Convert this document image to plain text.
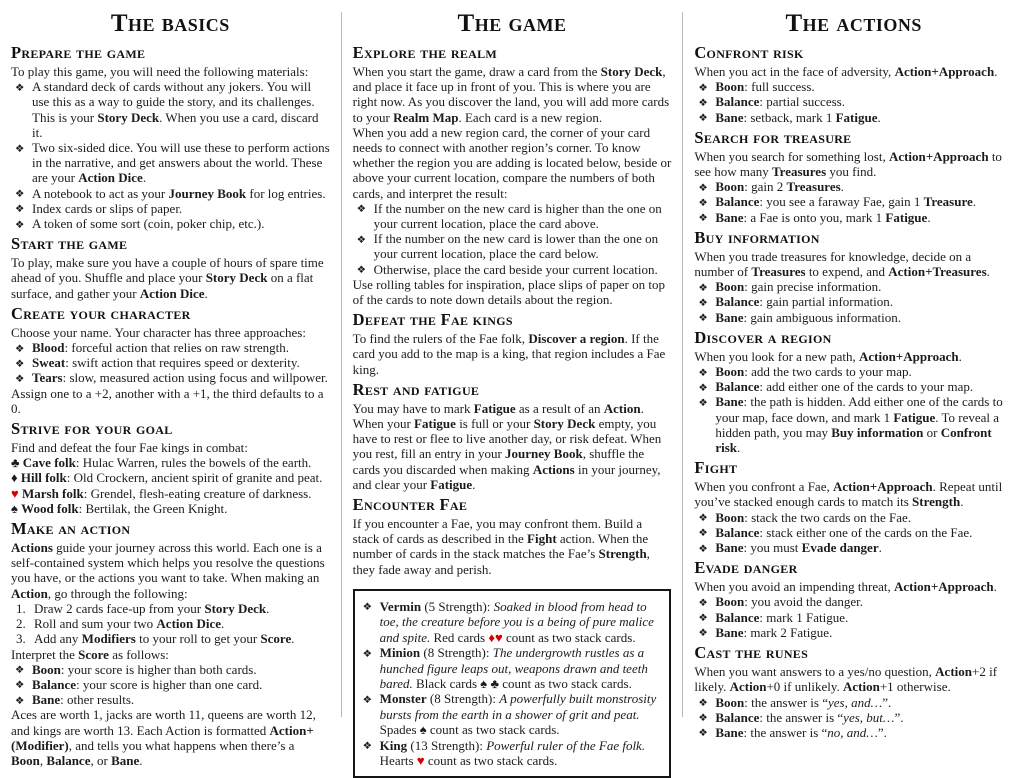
The basics
Prepare the game

To play this game, you will need the following materials:

❖ A standard deck of cards without any jokers. You will use this as a way to guide the story, and its challenges. This is your Story Deck. When you use a card, discard it.
❖ Two six-sided dice. You will use these to perform actions in the narrative, and get answers about the world. These are your Action Dice.
❖ A notebook to act as your Journey Book for log entries.
❖ Index cards or slips of paper.
❖ A token of some sort (coin, poker chip, etc.).
Start the game

To play, make sure you have a couple of hours of spare time ahead of you. Shuffle and place your Story Deck on a flat surface, and gather your Action Dice.

Create your character

Choose your name. Your character has three approaches:

❖ Blood: forceful action that relies on raw strength.
❖ Sweat: swift action that requires speed or dexterity.
❖ Tears: slow, measured action using focus and willpower.

Assign one to a +2, another with a +1, the third defaults to a 0.

Strive for your goal

Find and defeat the four Fae kings in combat:

♣ Cave folk: Hulac Warren, rules the bowels of the earth.

♦ Hill folk: Old Crockern, ancient spirit of granite and peat.

♥ Marsh folk: Grendel, flesh-eating creature of darkness.

♠ Wood folk: Bertilak, the Green Knight.

Make an action

Actions guide your journey across this world. Each one is a self-contained system which helps you resolve the questions you have, or the actions you want to take. When making an Action, go through the following:

1. Draw 2 cards face-up from your Story Deck.
2. Roll and sum your two Action Dice.
3. Add any Modifiers to your roll to get your Score.

Interpret the Score as follows:

❖ Boon: your score is higher than both cards.
❖ Balance: your score is higher than one card.
❖ Bane: other results.

Aces are worth 1, jacks are worth 11, queens are worth 12, and kings are worth 13. Each Action is formatted Action+(Modifier), and tells you what happens when there’s a Boon, Balance, or Bane.

The game
Explore the realm

When you start the game, draw a card from the Story Deck, and place it face up in front of you. This is where you are right now. As you discover the land, you will add more cards to your Realm Map. Each card is a new region.

When you add a new region card, the corner of your card needs to connect with another region’s corner. To know whether the region you are adding is located below, beside or above your current location, compare the numbers of both cards, and interpret the result:

❖ If the number on the new card is higher than the one on your current location, place the card above.
❖ If the number on the new card is lower than the one on your current location, place the card below.
❖ Otherwise, place the card beside your current location.

Use rolling tables for inspiration, place slips of paper on top of the cards to note down details about the region.

Defeat the Fae kings

To find the rulers of the Fae folk, Discover a region. If the card you add to the map is a king, that region includes a Fae king.

Rest and fatigue

You may have to mark Fatigue as a result of an Action. When your Fatigue is full or your Story Deck empty, you have to rest or flee to live another day, or risk defeat. When you rest, fill an entry in your Journey Book, shuffle the cards you discarded when making Actions in your journey, and clear your Fatigue.

Encounter Fae

If you encounter a Fae, you may confront them. Build a stack of cards as described in the Fight action. When the number of cards in the stack matches the Fae’s Strength, they fade away and perish.

❖ Vermin (5 Strength): Soaked in blood from head to toe, the creature before you is a being of pure malice and spite. Red cards ♦♥ count as two stack cards.
❖ Minion (8 Strength): The undergrowth rustles as a hunched figure leaps out, weapons drawn and teeth bared. Black cards ♠ ♣ count as two stack cards.
❖ Monster (8 Strength): A powerfully built monstrosity bursts from the earth in a shower of grit and peat. Spades ♠ count as two stack cards.
❖ King (13 Strength): Powerful ruler of the Fae folk. Hearts ♥ count as two stack cards.
The actions
Confront risk

When you act in the face of adversity, Action+Approach.

❖ Boon: full success.
❖ Balance: partial success.
❖ Bane: setback, mark 1 Fatigue.
Search for treasure

When you search for something lost, Action+Approach to see how many Treasures you find.

❖ Boon: gain 2 Treasures.
❖ Balance: you see a faraway Fae, gain 1 Treasure.
❖ Bane: a Fae is onto you, mark 1 Fatigue.
Buy information

When you trade treasures for knowledge, decide on a number of Treasures to expend, and Action+Treasures.

❖ Boon: gain precise information.
❖ Balance: gain partial information.
❖ Bane: gain ambiguous information.
Discover a region

When you look for a new path, Action+Approach.

❖ Boon: add the two cards to your map.
❖ Balance: add either one of the cards to your map.
❖ Bane: the path is hidden. Add either one of the cards to your map, face down, and mark 1 Fatigue. To reveal a hidden path, you may Buy information or Confront risk.
Fight

When you confront a Fae, Action+Approach. Repeat until you’ve stacked enough cards to match its Strength.

❖ Boon: stack the two cards on the Fae.
❖ Balance: stack either one of the cards on the Fae.
❖ Bane: you must Evade danger.
Evade danger

When you avoid an impending threat, Action+Approach.

❖ Boon: you avoid the danger.
❖ Balance: mark 1 Fatigue.
❖ Bane: mark 2 Fatigue.
Cast the runes

When you want answers to a yes/no question, Action+2 if likely. Action+0 if unlikely. Action+1 otherwise.

❖ Boon: the answer is “yes, and…”.
❖ Balance: the answer is “yes, but…”.
❖ Bane: the answer is “no, and…”.
